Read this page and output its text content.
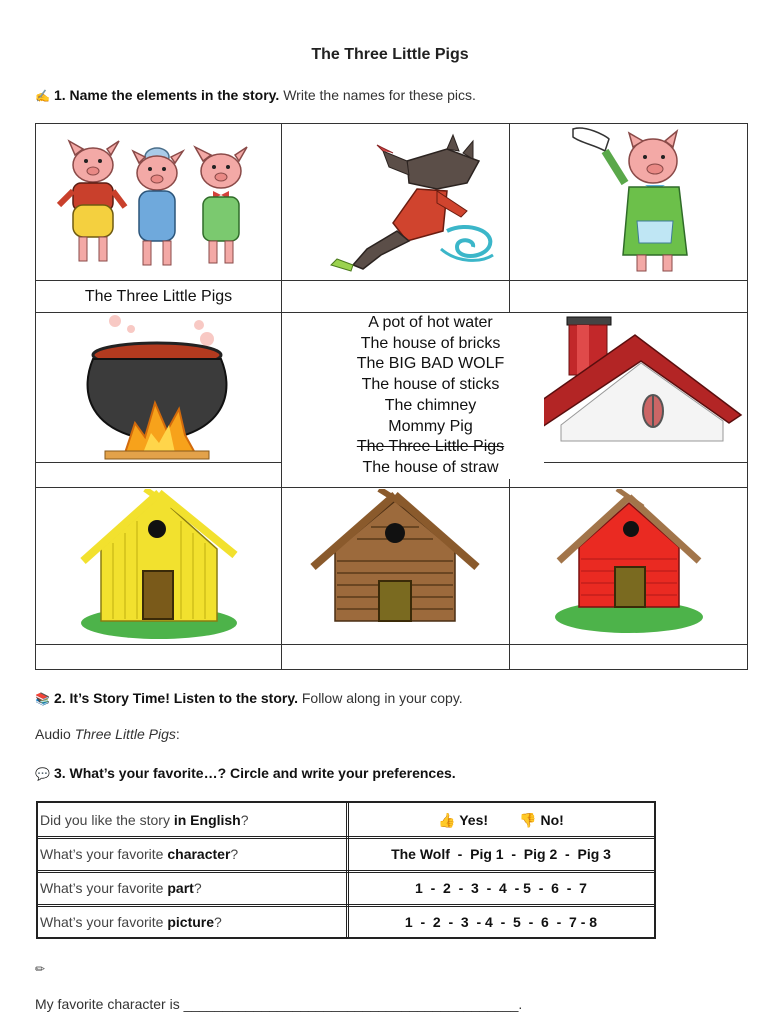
The Three Little Pigs
✍ 1. Name the elements in the story. Write the names for these pics.
The Three Little Pigs
A pot of hot water
The house of bricks
The BIG BAD WOLF
The house of sticks
The chimney
Mommy Pig
The Three Little Pigs
The house of straw
📚 2. It’s Story Time! Listen to the story. Follow along in your copy.
Audio Three Little Pigs:
💬 3. What’s your favorite…? Circle and write your preferences.
Did you like the story in English?	👍 Yes!        👎 No!
What’s your favorite character?	The Wolf  -  Pig 1  -  Pig 2  -  Pig 3
What’s your favorite part?	1  -  2  -  3  -  4  - 5  -  6  -  7
What’s your favorite picture?	1  -  2  -  3  - 4  -  5  -  6  -  7 - 8
✏
My favorite character is ___________________________________________.
